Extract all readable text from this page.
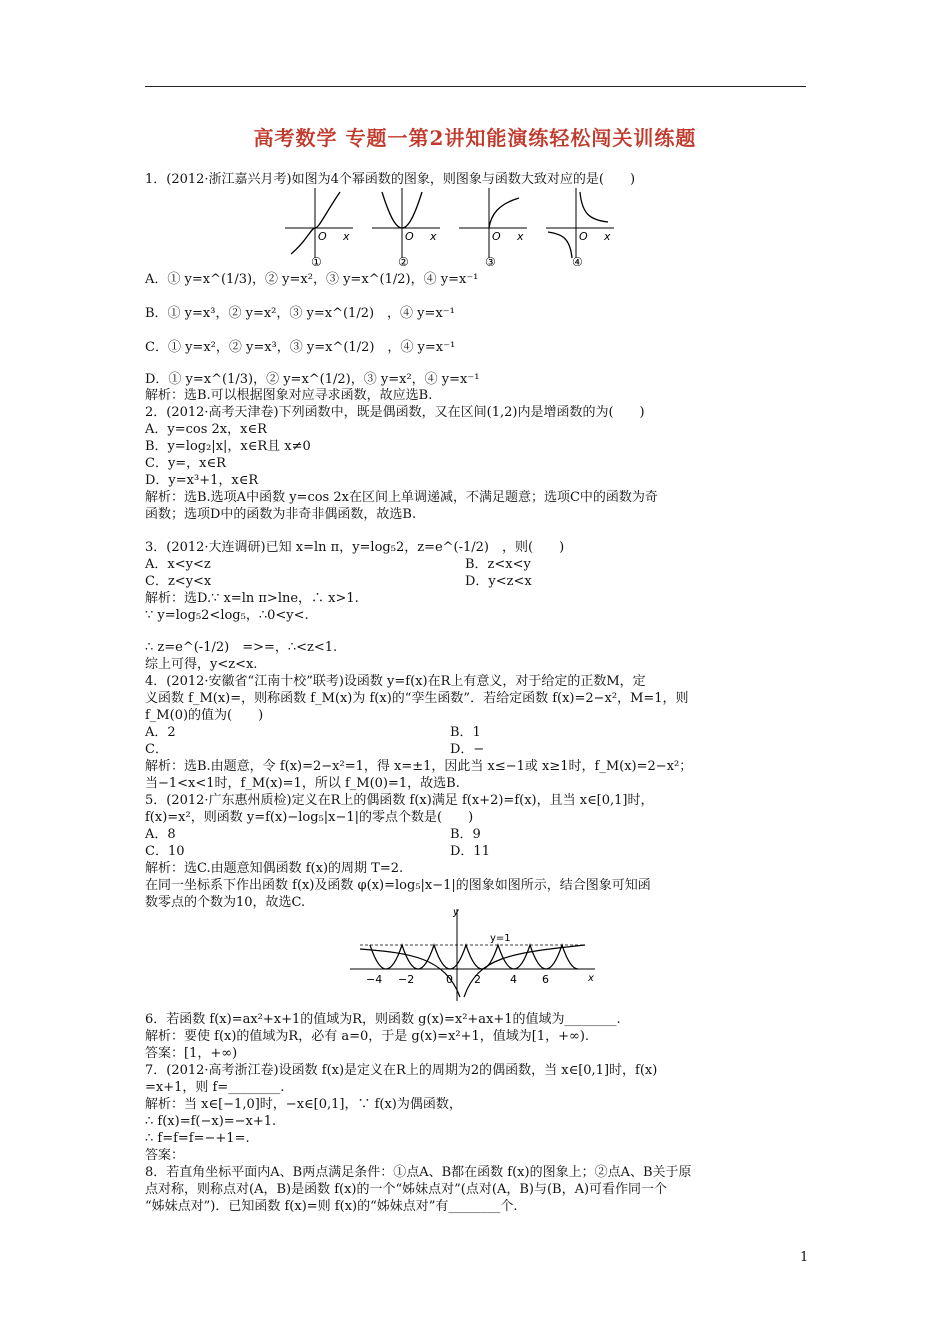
高考数学 专题一第2讲知能演练轻松闯关训练题
1．(2012·浙江嘉兴月考)如图为4个幂函数的图象，则图象与函数大致对应的是(　　)
O x
①
O x
②
O x
③
O x
④
A．① y=x^(1/3)，② y=x²，③ y=x^(1/2)，④ y=x⁻¹
B．① y=x³，② y=x²，③ y=x^(1/2)　，④ y=x⁻¹
C．① y=x²，② y=x³，③ y=x^(1/2)　，④ y=x⁻¹
D．① y=x^(1/3)，② y=x^(1/2)，③ y=x²，④ y=x⁻¹
解析：选B.可以根据图象对应寻求函数，故应选B.
2．(2012·高考天津卷)下列函数中，既是偶函数，又在区间(1,2)内是增函数的为(　　)
A．y=cos 2x，x∈R
B．y=log₂|x|，x∈R且 x≠0
C．y=，x∈R
D．y=x³+1，x∈R
解析：选B.选项A中函数 y=cos 2x在区间上单调递减，不满足题意；选项C中的函数为奇
函数；选项D中的函数为非奇非偶函数，故选B.
3．(2012·大连调研)已知 x=ln π，y=log₅2，z=e^(-1/2)　，则(　　)
A．x<y<z	B．z<x<y
C．z<y<x	D．y<z<x
解析：选D.∵ x=ln π>lne，∴ x>1.
∵ y=log₅2<log₅，∴0<y<.
∴ z=e^(-1/2)　=>=，∴<z<1.
综上可得，y<z<x.
4．(2012·安徽省“江南十校”联考)设函数 y=f(x)在R上有意义，对于给定的正数M，定
义函数 f_M(x)=，则称函数 f_M(x)为 f(x)的“孪生函数”．若给定函数 f(x)=2−x²，M=1，则
f_M(0)的值为(　　)
A．2	B．1
C．	D．−
解析：选B.由题意，令 f(x)=2−x²=1，得 x=±1，因此当 x≤−1或 x≥1时，f_M(x)=2−x²；
当−1<x<1时，f_M(x)=1，所以 f_M(0)=1，故选B.
5．(2012·广东惠州质检)定义在R上的偶函数 f(x)满足 f(x+2)=f(x)，且当 x∈[0,1]时，
f(x)=x²，则函数 y=f(x)−log₅|x−1|的零点个数是(　　)
A．8	B．9
C．10	D．11
解析：选C.由题意知偶函数 f(x)的周期 T=2.
在同一坐标系下作出函数 f(x)及函数 φ(x)=log₅|x−1|的图象如图所示，结合图象可知函
数零点的个数为10，故选C.
y
x
y=1
−4 −2	0 2	4 6
6．若函数 f(x)=ax²+x+1的值域为R，则函数 g(x)=x²+ax+1的值域为________.
解析：要使 f(x)的值域为R，必有 a=0，于是 g(x)=x²+1，值域为[1，+∞).
答案：[1，+∞)
7．(2012·高考浙江卷)设函数 f(x)是定义在R上的周期为2的偶函数，当 x∈[0,1]时，f(x)
=x+1，则 f=________.
解析：当 x∈[−1,0]时，−x∈[0,1]，∵ f(x)为偶函数，
∴ f(x)=f(−x)=−x+1.
∴ f=f=f=−+1=.
答案：
8．若直角坐标平面内A、B两点满足条件：①点A、B都在函数 f(x)的图象上；②点A、B关于原
点对称，则称点对(A，B)是函数 f(x)的一个“姊妹点对”(点对(A，B)与(B，A)可看作同一个
“姊妹点对”)．已知函数 f(x)=则 f(x)的“姊妹点对”有________个.
1
